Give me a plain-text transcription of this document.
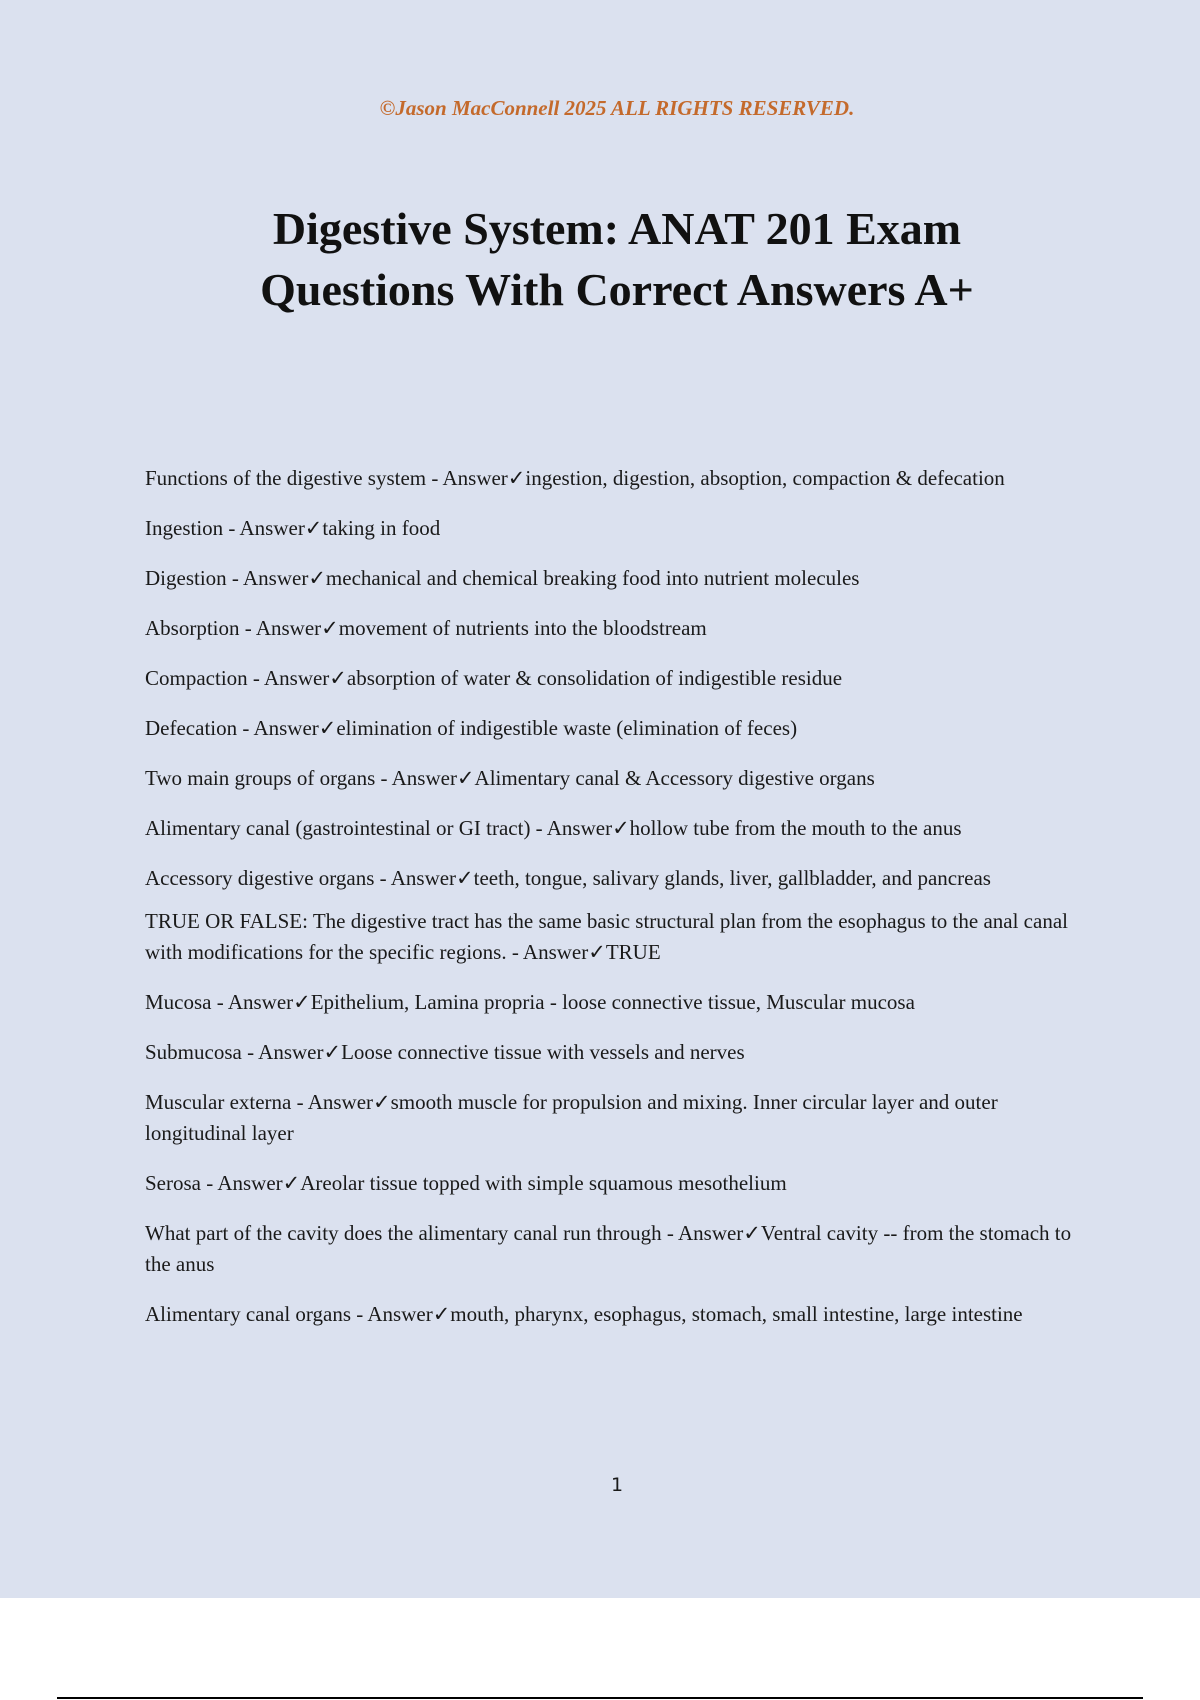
©Jason MacConnell 2025 ALL RIGHTS RESERVED.
Digestive System: ANAT 201 Exam
Questions With Correct Answers A+
Functions of the digestive system - Answer✓ingestion, digestion, absoption, compaction & defecation
Ingestion - Answer✓taking in food
Digestion - Answer✓mechanical and chemical breaking food into nutrient molecules
Absorption - Answer✓movement of nutrients into the bloodstream
Compaction - Answer✓absorption of water & consolidation of indigestible residue
Defecation - Answer✓elimination of indigestible waste (elimination of feces)
Two main groups of organs - Answer✓Alimentary canal & Accessory digestive organs
Alimentary canal (gastrointestinal or GI tract) - Answer✓hollow tube from the mouth to the anus
Accessory digestive organs - Answer✓teeth, tongue, salivary glands, liver, gallbladder, and pancreas
TRUE OR FALSE: The digestive tract has the same basic structural plan from the esophagus to the anal canal with modifications for the specific regions. - Answer✓TRUE
Mucosa - Answer✓Epithelium, Lamina propria - loose connective tissue, Muscular mucosa
Submucosa - Answer✓Loose connective tissue with vessels and nerves
Muscular externa - Answer✓smooth muscle for propulsion and mixing. Inner circular layer and outer longitudinal layer
Serosa - Answer✓Areolar tissue topped with simple squamous mesothelium
What part of the cavity does the alimentary canal run through - Answer✓Ventral cavity -- from the stomach to the anus
Alimentary canal organs - Answer✓mouth, pharynx, esophagus, stomach, small intestine, large intestine
1
